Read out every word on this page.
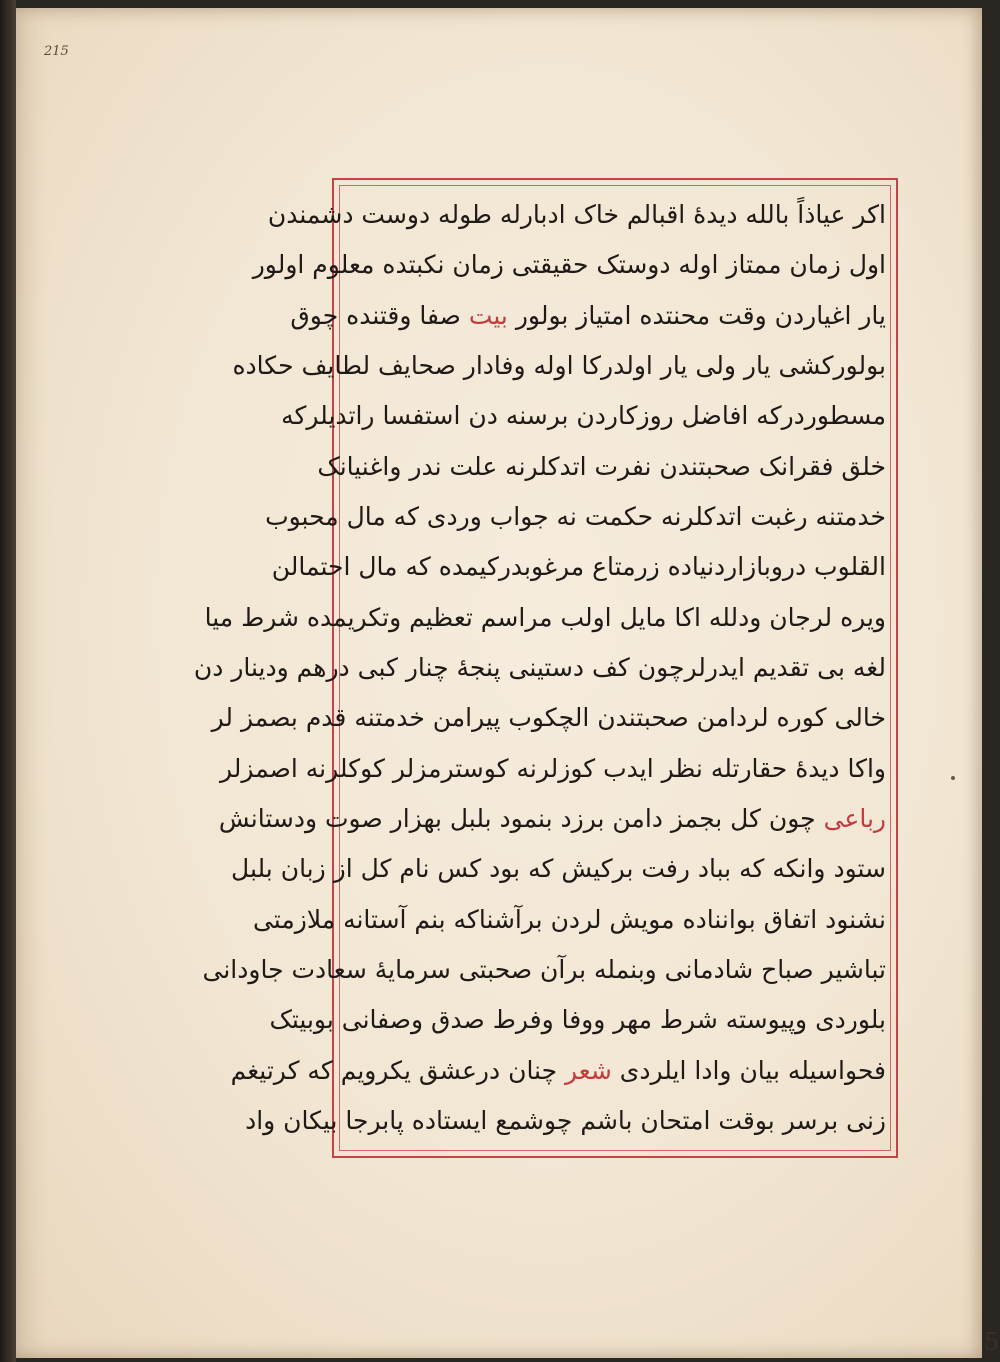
215
اکر عیاذاً بالله دیدهٔ اقبالم خاک ادبارله طوله دوست دشمندن
اول زمان ممتاز اوله دوستک حقیقتی زمان نکبتده معلوم اولور
یار اغیاردن وقت محنتده امتیاز بولور بیت صفا وقتنده چوق
بولورکشی یار ولی یار اولدرکا اوله وفادار صحایف لطایف حکاده
مسطوردرکه افاضل روزکاردن برسنه دن استفسا راتدیلرکه
خلق فقرانک صحبتندن نفرت اتدکلرنه علت ندر واغنیانک
خدمتنه رغبت اتدکلرنه حکمت نه جواب وردی که مال محبوب
القلوب دروبازاردنیاده زرمتاع مرغوبدرکیمده که مال احتمالن
ویره لرجان ودلله اکا مایل اولب مراسم تعظیم وتکریمده شرط میا
لغه بی تقدیم ایدرلرچون کف دستینی پنجهٔ چنار کبی درهم ودینار دن
خالی کوره لردامن صحبتندن الچکوب پیرامن خدمتنه قدم بصمز لر
واکا دیدهٔ حقارتله نظر ایدب کوزلرنه کوسترمزلر کوکلرنه اصمزلر
رباعی چون کل بجمز دامن برزد بنمود بلبل بهزار صوت ودستانش
ستود وانکه که بباد رفت برکیش که بود کس نام کل از زبان بلبل
نشنود اتفاق بوانناده مویش لردن برآشناکه بنم آستانه ملازمتی
تباشیر صباح شادمانی وبنمله برآن صحبتی سرمایهٔ سعادت جاودانی
بلوردی وپیوسته شرط مهر ووفا وفرط صدق وصفانی بوبیتک
فحواسیله بیان وادا ایلردی شعر چنان درعشق یکرویم که کرتیغم
زنی برسر بوقت امتحان باشم چوشمع ایستاده پابرجا بیکان واد
5
